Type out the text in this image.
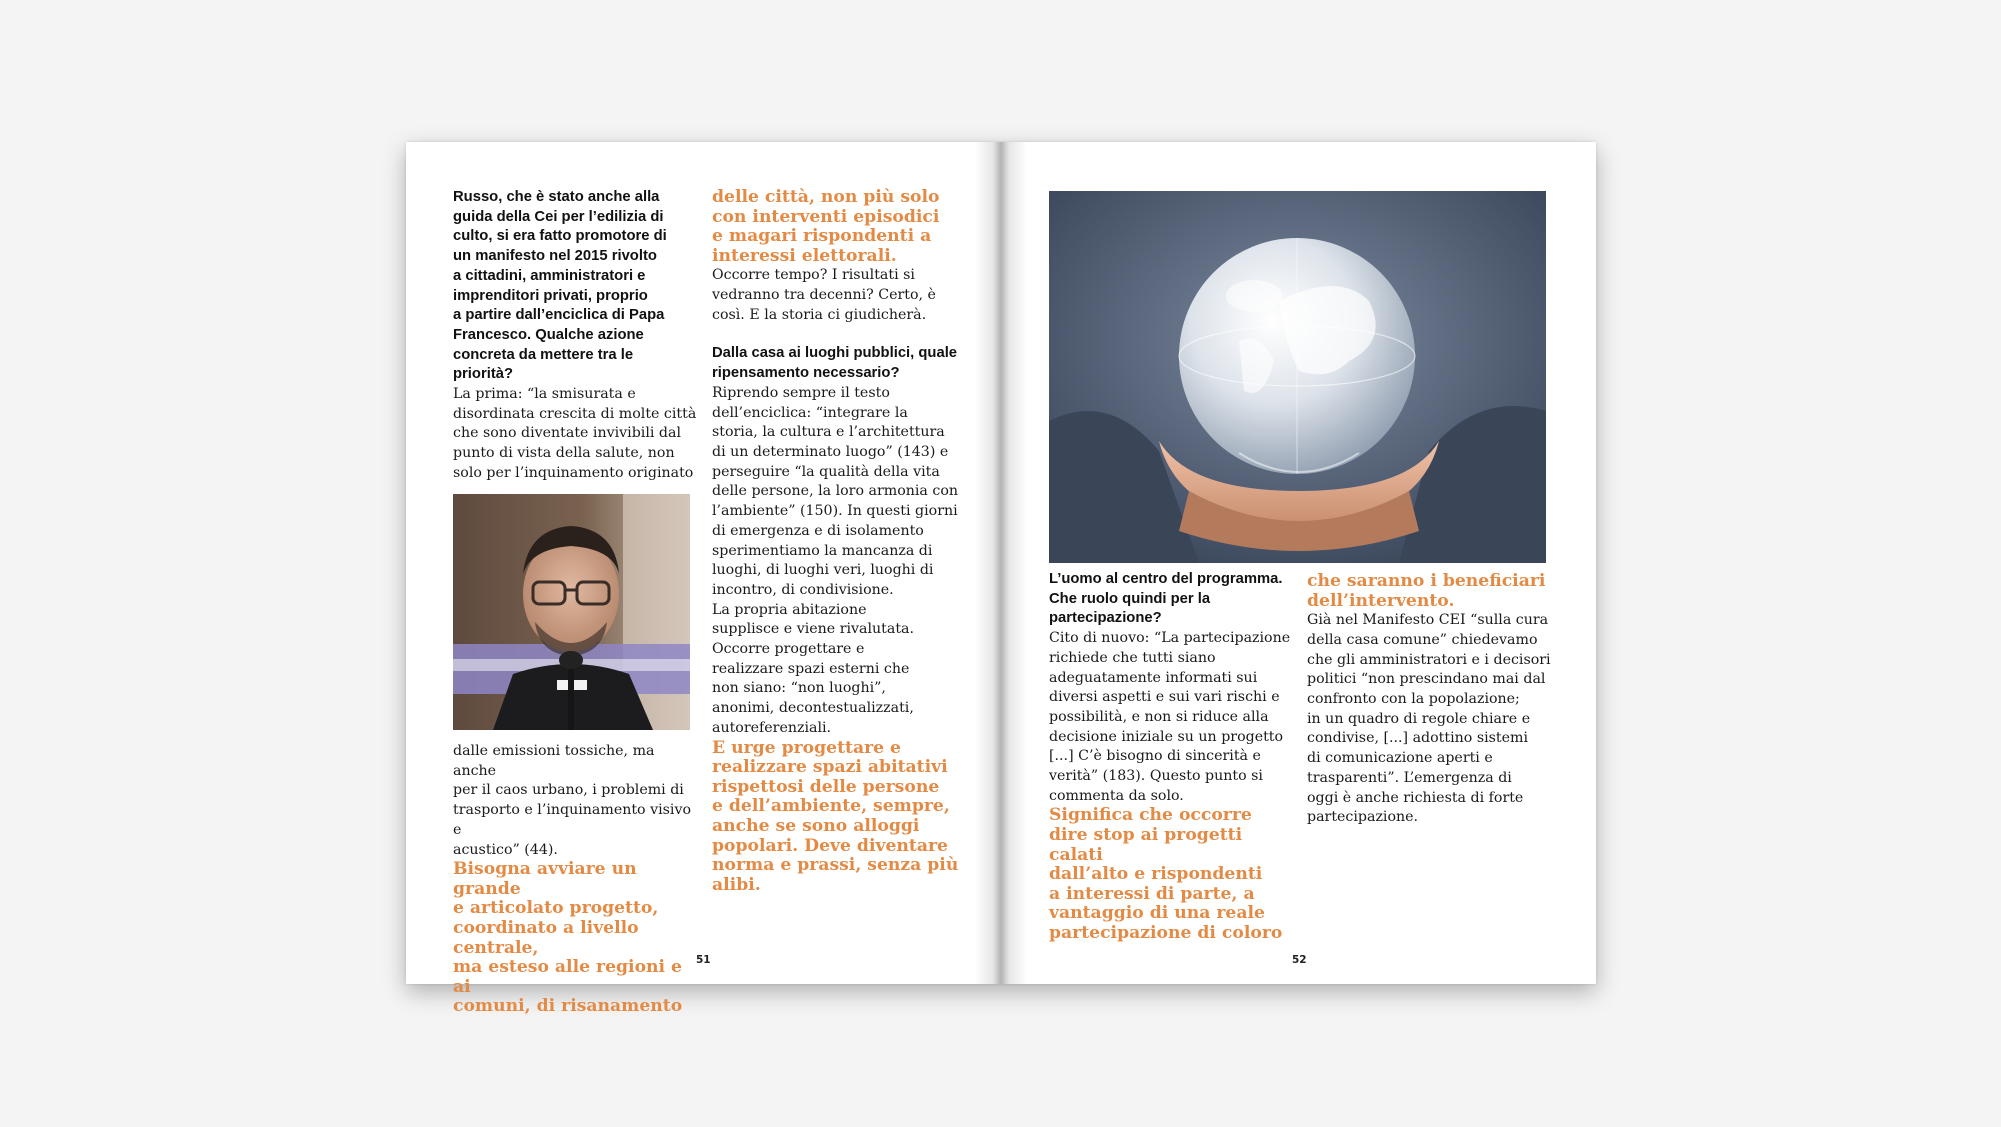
Russo, che è stato anche alla
guida della Cei per l’edilizia di
culto, si era fatto promotore di
un manifesto nel 2015 rivolto
a cittadini, amministratori e
imprenditori privati, proprio
a partire dall’enciclica di Papa
Francesco. Qualche azione
concreta da mettere tra le
priorità?

La prima: “la smisurata e
disordinata crescita di molte città
che sono diventate invivibili dal
punto di vista della salute, non
solo per l’inquinamento originato

dalle emissioni tossiche, ma anche
per il caos urbano, i problemi di
trasporto e l’inquinamento visivo e
acustico” (44).

Bisogna avviare un grande
e articolato progetto,
coordinato a livello centrale,
ma esteso alle regioni e ai
comuni, di risanamento

delle città, non più solo
con interventi episodici
e magari rispondenti a
interessi elettorali.

Occorre tempo? I risultati si
vedranno tra decenni? Certo, è
così. E la storia ci giudicherà.

Dalla casa ai luoghi pubblici, quale
ripensamento necessario?

Riprendo sempre il testo
dell’enciclica: “integrare la
storia, la cultura e l’architettura
di un determinato luogo” (143) e
perseguire “la qualità della vita
delle persone, la loro armonia con
l’ambiente” (150). In questi giorni
di emergenza e di isolamento
sperimentiamo la mancanza di
luoghi, di luoghi veri, luoghi di
incontro, di condivisione.
La propria abitazione
supplisce e viene rivalutata.
Occorre progettare e
realizzare spazi esterni che
non siano: “non luoghi”,
anonimi, decontestualizzati,
autoreferenziali.

E urge progettare e
realizzare spazi abitativi
rispettosi delle persone
e dell’ambiente, sempre,
anche se sono alloggi
popolari. Deve diventare
norma e prassi, senza più
alibi.

51

L’uomo al centro del programma.
Che ruolo quindi per la
partecipazione?

Cito di nuovo: “La partecipazione
richiede che tutti siano
adeguatamente informati sui
diversi aspetti e sui vari rischi e
possibilità, e non si riduce alla
decisione iniziale su un progetto
[...] C’è bisogno di sincerità e
verità” (183). Questo punto si
commenta da solo.

Significa che occorre
dire stop ai progetti calati
dall’alto e rispondenti
a interessi di parte, a
vantaggio di una reale
partecipazione di coloro

che saranno i beneficiari
dell’intervento.

Già nel Manifesto CEI “sulla cura
della casa comune” chiedevamo
che gli amministratori e i decisori
politici “non prescindano mai dal
confronto con la popolazione;
in un quadro di regole chiare e
condivise, [...] adottino sistemi
di comunicazione aperti e
trasparenti”. L’emergenza di
oggi è anche richiesta di forte
partecipazione.

52
